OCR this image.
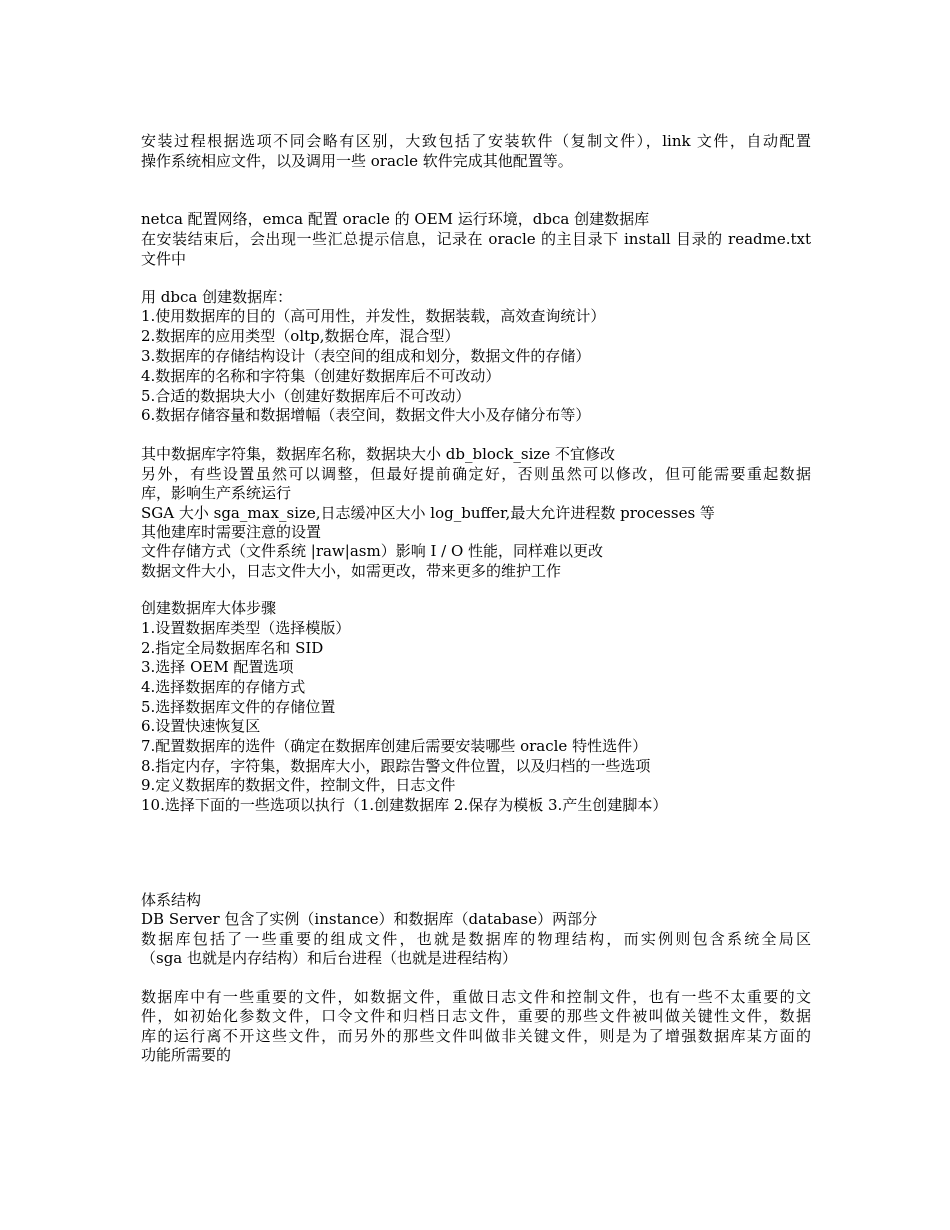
安装过程根据选项不同会略有区别，大致包括了安装软件（复制文件），link 文件，自动配置
操作系统相应文件，以及调用一些 oracle 软件完成其他配置等。
netca 配置网络，emca 配置 oracle 的 OEM 运行环境，dbca 创建数据库
在安装结束后，会出现一些汇总提示信息，记录在 oracle 的主目录下 install 目录的 readme.txt
文件中
用 dbca 创建数据库：
1.使用数据库的目的（高可用性，并发性，数据装载，高效查询统计）
2.数据库的应用类型（oltp,数据仓库，混合型）
3.数据库的存储结构设计（表空间的组成和划分，数据文件的存储）
4.数据库的名称和字符集（创建好数据库后不可改动）
5.合适的数据块大小（创建好数据库后不可改动）
6.数据存储容量和数据增幅（表空间，数据文件大小及存储分布等）
其中数据库字符集，数据库名称，数据块大小 db_block_size 不宜修改
另外，有些设置虽然可以调整，但最好提前确定好，否则虽然可以修改，但可能需要重起数据
库，影响生产系统运行
SGA 大小 sga_max_size,日志缓冲区大小 log_buffer,最大允许进程数 processes 等
其他建库时需要注意的设置
文件存储方式（文件系统 |raw|asm）影响 I / O 性能，同样难以更改
数据文件大小，日志文件大小，如需更改，带来更多的维护工作
创建数据库大体步骤
1.设置数据库类型（选择模版）
2.指定全局数据库名和 SID
3.选择 OEM 配置选项
4.选择数据库的存储方式
5.选择数据库文件的存储位置
6.设置快速恢复区
7.配置数据库的选件（确定在数据库创建后需要安装哪些 oracle 特性选件）
8.指定内存，字符集，数据库大小，跟踪告警文件位置，以及归档的一些选项
9.定义数据库的数据文件，控制文件，日志文件
10.选择下面的一些选项以执行（1.创建数据库 2.保存为模板 3.产生创建脚本）
体系结构
DB Server 包含了实例（instance）和数据库（database）两部分
数据库包括了一些重要的组成文件，也就是数据库的物理结构，而实例则包含系统全局区
（sga 也就是内存结构）和后台进程（也就是进程结构）
数据库中有一些重要的文件，如数据文件，重做日志文件和控制文件，也有一些不太重要的文
件，如初始化参数文件，口令文件和归档日志文件，重要的那些文件被叫做关键性文件，数据
库的运行离不开这些文件，而另外的那些文件叫做非关键文件，则是为了增强数据库某方面的
功能所需要的
